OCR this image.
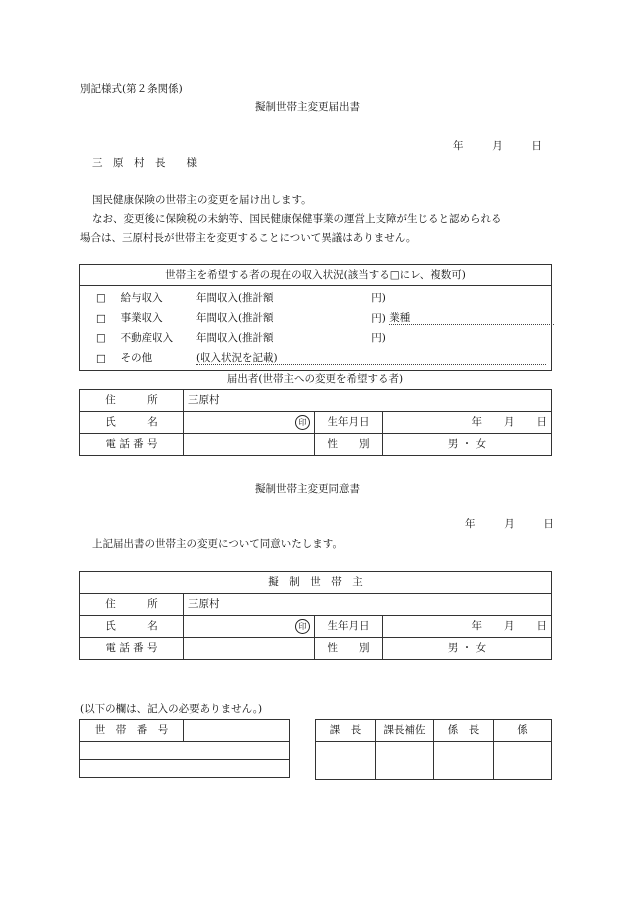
別記様式(第２条関係)
擬制世帯主変更届出書
年	月	日
三　原　村　長　　様
国民健康保険の世帯主の変更を届け出します。
なお、変更後に保険税の未納等、国民健康保健事業の運営上支障が生じると認められる
場合は、三原村長が世帯主を変更することについて異議はありません。
世帯主を希望する者の現在の収入状況(該当する□にレ、複数可)
□ 給与収入	年間収入(推計額	円)
□ 事業収入	年間収入(推計額	円) 業種
□ 不動産収入 年間収入(推計額	円)
□ その他	(収入状況を記載)
届出者(世帯主への変更を希望する者)
住　　　所	三原村		
氏　　　名	印	生年月日	年 月 日
電 話 番 号		性　　別	男 ・ 女
擬制世帯主変更同意書
年	月	日
上記届出書の世帯主の変更について同意いたします。
擬　制　世　帯　主			
住　　　所	三原村		
氏　　　名	印	生年月日	年 月 日
電 話 番 号		性　　別	男 ・ 女
(以下の欄は、記入の必要ありません。)
世　帯　番　号		課　長	課長補佐	係　長	係
